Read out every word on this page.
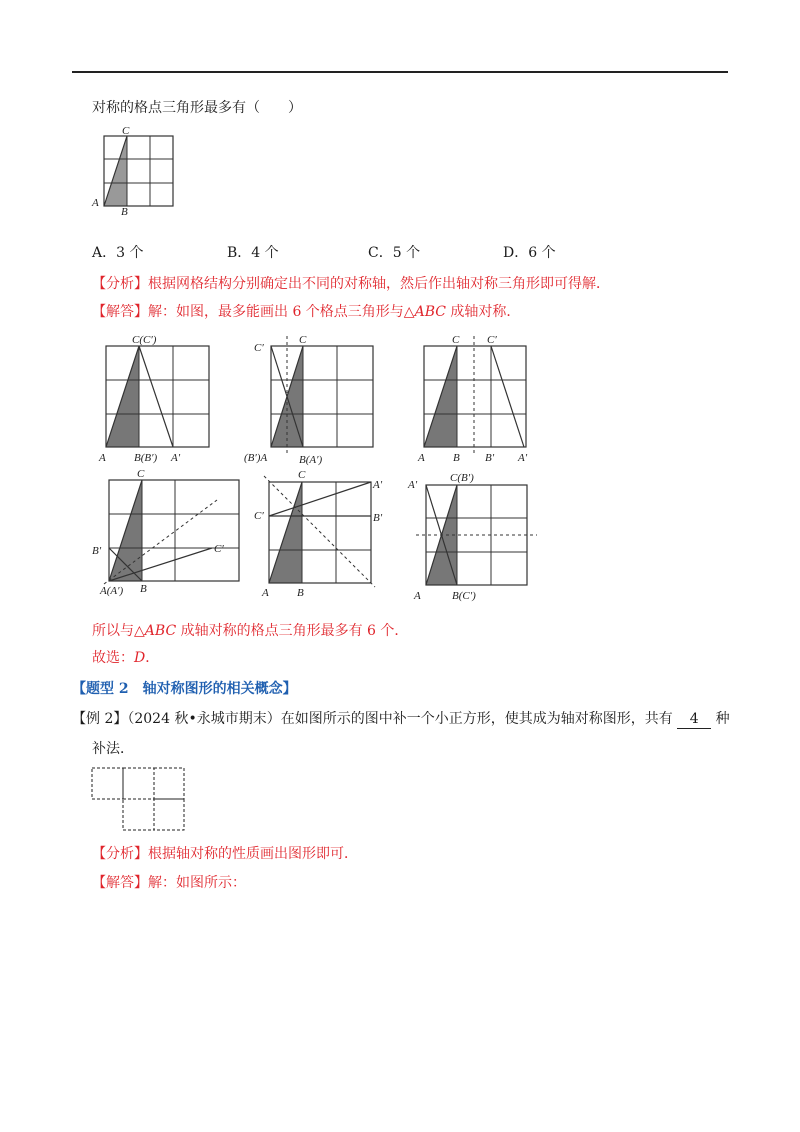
对称的格点三角形最多有（　　）
C
A
B
A．3 个	B．4 个	C．5 个	D．6 个
【分析】根据网格结构分别确定出不同的对称轴，然后作出轴对称三角形即可得解．
【解答】解：如图，最多能画出 6 个格点三角形与△ABC 成轴对称．
C(C′)
A	B(B′) A′
C′
C
(B′)A	B(A′)
C	C′
A	B B′ A′
C
B′	C′
A(A′) B
C
A′
C′	B′
A	B
A′
C(B′)
A	B(C′)
所以与△ABC 成轴对称的格点三角形最多有 6 个．
故选：D．
【题型 2　轴对称图形的相关概念】
【例 2】（2024 秋•永城市期末）在如图所示的图中补一个小正方形，使其成为轴对称图形，共有 4 种
补法．
【分析】根据轴对称的性质画出图形即可．
【解答】解：如图所示：
